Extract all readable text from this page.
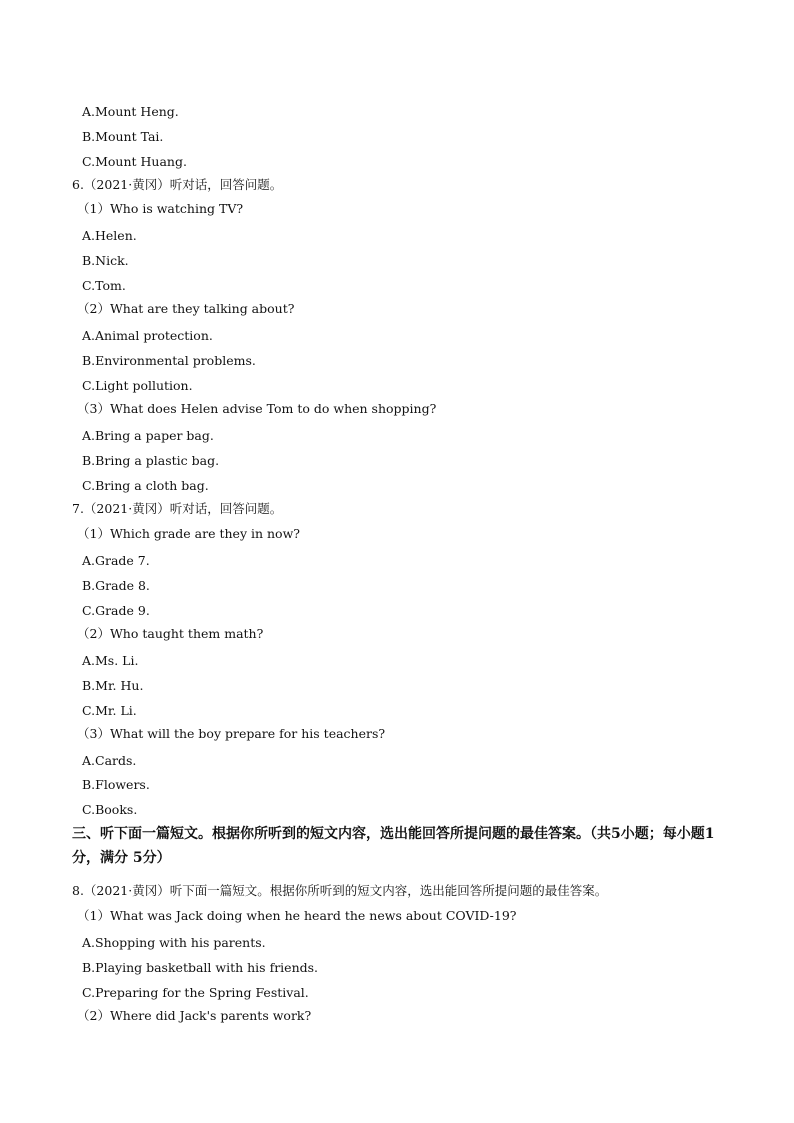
A.Mount Heng.
B.Mount Tai.
C.Mount Huang.
6.（2021·黄冈）听对话，回答问题。
（1）Who is watching TV?
A.Helen.
B.Nick.
C.Tom.
（2）What are they talking about?
A.Animal protection.
B.Environmental problems.
C.Light pollution.
（3）What does Helen advise Tom to do when shopping?
A.Bring a paper bag.
B.Bring a plastic bag.
C.Bring a cloth bag.
7.（2021·黄冈）听对话，回答问题。
（1）Which grade are they in now?
A.Grade 7.
B.Grade 8.
C.Grade 9.
（2）Who taught them math?
A.Ms. Li.
B.Mr. Hu.
C.Mr. Li.
（3）What will the boy prepare for his teachers?
A.Cards.
B.Flowers.
C.Books.
三、听下面一篇短文。根据你所听到的短文内容，选出能回答所提问题的最佳答案。（共5小题；每小题1分，满分 5分）
8.（2021·黄冈）听下面一篇短文。根据你所听到的短文内容，选出能回答所提问题的最佳答案。
（1）What was Jack doing when he heard the news about COVID-19?
A.Shopping with his parents.
B.Playing basketball with his friends.
C.Preparing for the Spring Festival.
（2）Where did Jack's parents work?
